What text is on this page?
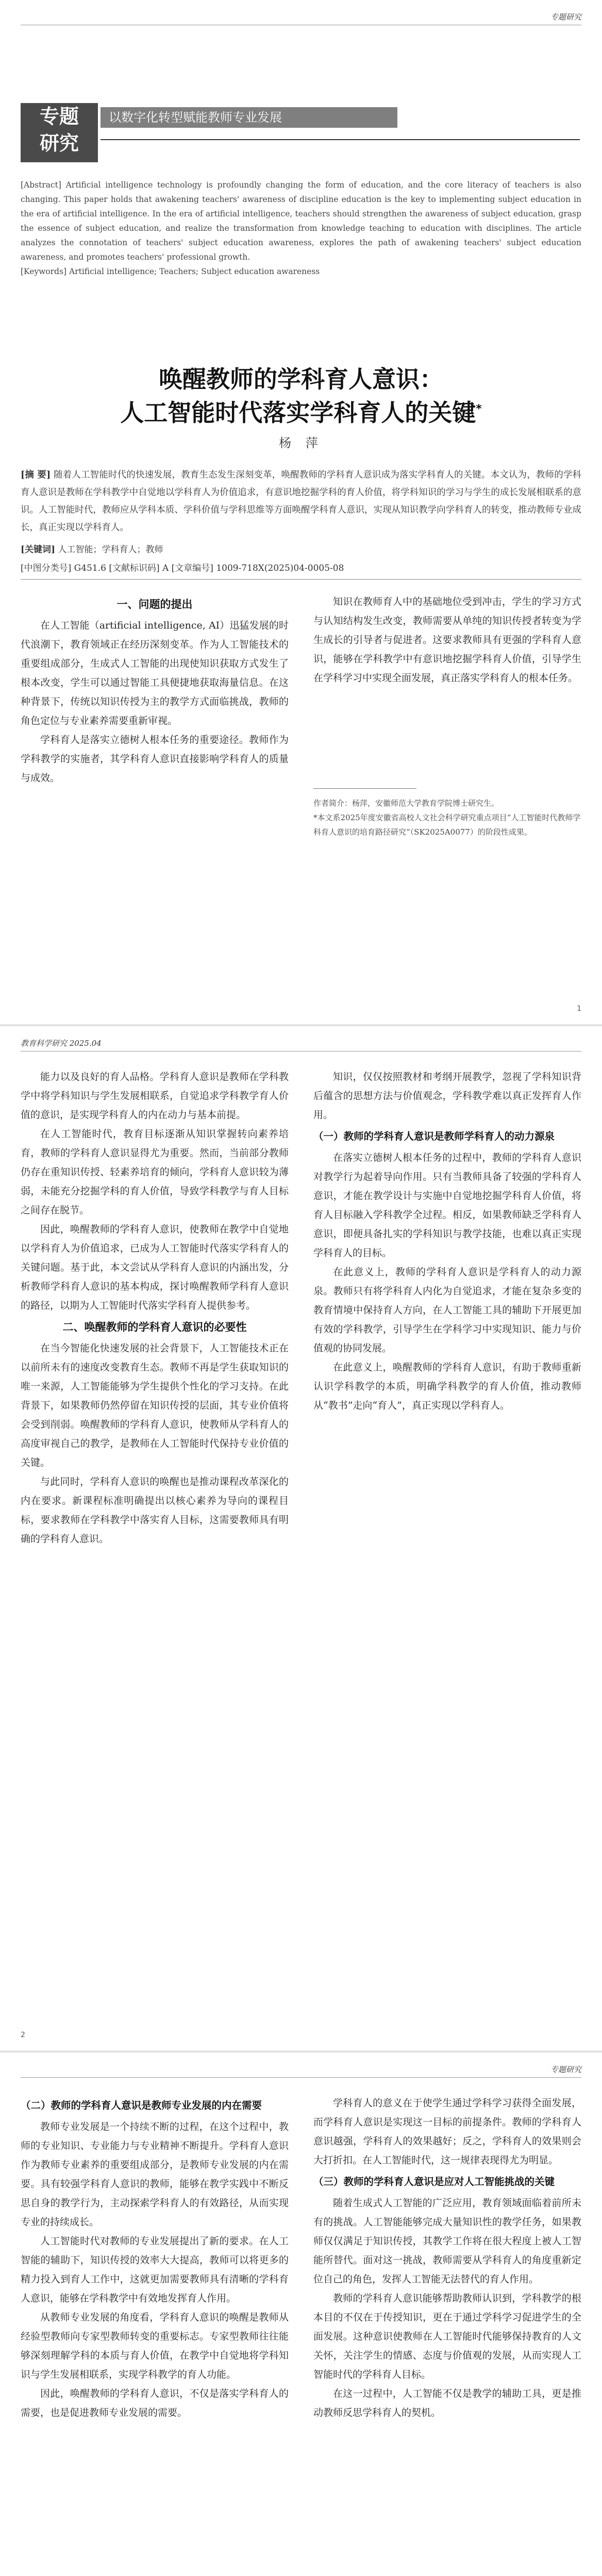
专题研究
专题
研究
以数字化转型赋能教师专业发展
[Abstract] Artificial intelligence technology is profoundly changing the form of education, and the core literacy of teachers is also changing. This paper holds that awakening teachers' awareness of discipline education is the key to implementing subject education in the era of artificial intelligence. In the era of artificial intelligence, teachers should strengthen the awareness of subject education, grasp the essence of subject education, and realize the transformation from knowledge teaching to education with disciplines. The article analyzes the connotation of teachers' subject education awareness, explores the path of awakening teachers' subject education awareness, and promotes teachers' professional growth.
[Keywords] Artificial intelligence; Teachers; Subject education awareness
唤醒教师的学科育人意识：
人工智能时代落实学科育人的关键*
杨 萍
[摘 要] 随着人工智能时代的快速发展，教育生态发生深刻变革，唤醒教师的学科育人意识成为落实学科育人的关键。本文认为，教师的学科育人意识是教师在学科教学中自觉地以学科育人为价值追求，有意识地挖掘学科的育人价值，将学科知识的学习与学生的成长发展相联系的意识。人工智能时代，教师应从学科本质、学科价值与学科思维等方面唤醒学科育人意识，实现从知识教学向学科育人的转变，推动教师专业成长，真正实现以学科育人。
[关键词] 人工智能；学科育人；教师
[中图分类号] G451.6 [文献标识码] A [文章编号] 1009-718X(2025)04-0005-08
一、问题的提出

在人工智能（artificial intelligence, AI）迅猛发展的时代浪潮下，教育领域正在经历深刻变革。作为人工智能技术的重要组成部分，生成式人工智能的出现使知识获取方式发生了根本改变，学生可以通过智能工具便捷地获取海量信息。在这种背景下，传统以知识传授为主的教学方式面临挑战，教师的角色定位与专业素养需要重新审视。

学科育人是落实立德树人根本任务的重要途径。教师作为学科教学的实施者，其学科育人意识直接影响学科育人的质量与成效。

知识在教师育人中的基础地位受到冲击，学生的学习方式与认知结构发生改变，教师需要从单纯的知识传授者转变为学生成长的引导者与促进者。这要求教师具有更强的学科育人意识，能够在学科教学中有意识地挖掘学科育人价值，引导学生在学科学习中实现全面发展，真正落实学科育人的根本任务。

作者简介：杨萍，安徽师范大学教育学院博士研究生。
*本文系2025年度安徽省高校人文社会科学研究重点项目“人工智能时代教师学科育人意识的培育路径研究”（SK2025A0077）的阶段性成果。
1
教育科学研究 2025.04

能力以及良好的育人品格。学科育人意识是教师在学科教学中将学科知识与学生发展相联系，自觉追求学科教学育人价值的意识，是实现学科育人的内在动力与基本前提。

在人工智能时代，教育目标逐渐从知识掌握转向素养培育，教师的学科育人意识显得尤为重要。然而，当前部分教师仍存在重知识传授、轻素养培育的倾向，学科育人意识较为薄弱，未能充分挖掘学科的育人价值，导致学科教学与育人目标之间存在脱节。

因此，唤醒教师的学科育人意识，使教师在教学中自觉地以学科育人为价值追求，已成为人工智能时代落实学科育人的关键问题。基于此，本文尝试从学科育人意识的内涵出发，分析教师学科育人意识的基本构成，探讨唤醒教师学科育人意识的路径，以期为人工智能时代落实学科育人提供参考。

二、唤醒教师的学科育人意识的必要性

在当今智能化快速发展的社会背景下，人工智能技术正在以前所未有的速度改变教育生态。教师不再是学生获取知识的唯一来源，人工智能能够为学生提供个性化的学习支持。在此背景下，如果教师仍然停留在知识传授的层面，其专业价值将会受到削弱。唤醒教师的学科育人意识，使教师从学科育人的高度审视自己的教学，是教师在人工智能时代保持专业价值的关键。

与此同时，学科育人意识的唤醒也是推动课程改革深化的内在要求。新课程标准明确提出以核心素养为导向的课程目标，要求教师在学科教学中落实育人目标，这需要教师具有明确的学科育人意识。

知识，仅仅按照教材和考纲开展教学，忽视了学科知识背后蕴含的思想方法与价值观念，学科教学难以真正发挥育人作用。

（一）教师的学科育人意识是教师学科育人的动力源泉

在落实立德树人根本任务的过程中，教师的学科育人意识对教学行为起着导向作用。只有当教师具备了较强的学科育人意识，才能在教学设计与实施中自觉地挖掘学科育人价值，将育人目标融入学科教学全过程。相反，如果教师缺乏学科育人意识，即便具备扎实的学科知识与教学技能，也难以真正实现学科育人的目标。

在此意义上，教师的学科育人意识是学科育人的动力源泉。教师只有将学科育人内化为自觉追求，才能在复杂多变的教育情境中保持育人方向，在人工智能工具的辅助下开展更加有效的学科教学，引导学生在学科学习中实现知识、能力与价值观的协同发展。

在此意义上，唤醒教师的学科育人意识，有助于教师重新认识学科教学的本质，明确学科教学的育人价值，推动教师从“教书”走向“育人”，真正实现以学科育人。

2
专题研究
（二）教师的学科育人意识是教师专业发展的内在需要

教师专业发展是一个持续不断的过程，在这个过程中，教师的专业知识、专业能力与专业精神不断提升。学科育人意识作为教师专业素养的重要组成部分，是教师专业发展的内在需要。具有较强学科育人意识的教师，能够在教学实践中不断反思自身的教学行为，主动探索学科育人的有效路径，从而实现专业的持续成长。

人工智能时代对教师的专业发展提出了新的要求。在人工智能的辅助下，知识传授的效率大大提高，教师可以将更多的精力投入到育人工作中，这就更加需要教师具有清晰的学科育人意识，能够在学科教学中有效地发挥育人作用。

从教师专业发展的角度看，学科育人意识的唤醒是教师从经验型教师向专家型教师转变的重要标志。专家型教师往往能够深刻理解学科的本质与育人价值，在教学中自觉地将学科知识与学生发展相联系，实现学科教学的育人功能。

因此，唤醒教师的学科育人意识，不仅是落实学科育人的需要，也是促进教师专业发展的需要。

学科育人的意义在于使学生通过学科学习获得全面发展，而学科育人意识是实现这一目标的前提条件。教师的学科育人意识越强，学科育人的效果越好；反之，学科育人的效果则会大打折扣。在人工智能时代，这一规律表现得尤为明显。

（三）教师的学科育人意识是应对人工智能挑战的关键

随着生成式人工智能的广泛应用，教育领域面临着前所未有的挑战。人工智能能够完成大量知识性的教学任务，如果教师仅仅满足于知识传授，其教学工作将在很大程度上被人工智能所替代。面对这一挑战，教师需要从学科育人的角度重新定位自己的角色，发挥人工智能无法替代的育人作用。

教师的学科育人意识能够帮助教师认识到，学科教学的根本目的不仅在于传授知识，更在于通过学科学习促进学生的全面发展。这种意识使教师在人工智能时代能够保持教育的人文关怀，关注学生的情感、态度与价值观的发展，从而实现人工智能时代的学科育人目标。

在这一过程中，人工智能不仅是教学的辅助工具，更是推动教师反思学科育人的契机。
